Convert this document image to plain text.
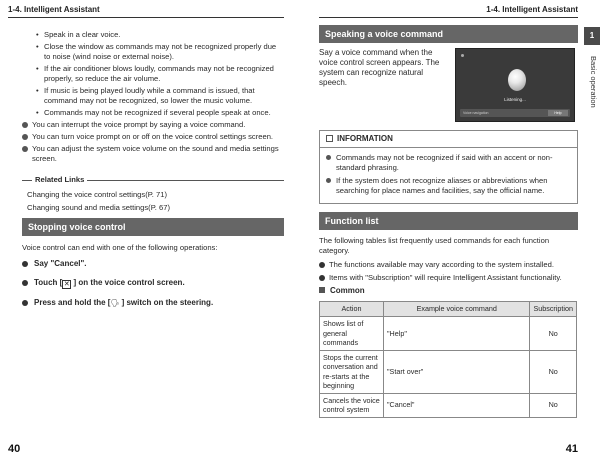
1-4. Intelligent Assistant	1-4. Intelligent Assistant
• Speak in a clear voice.
• Close the window as commands may not be recognized properly due to noise (wind noise or external noise).
• If the air conditioner blows loudly, commands may not be recognized properly, so reduce the air volume.
• If music is being played loudly while a command is issued, that command may not be recognized, so lower the music volume.
• Commands may not be recognized if several people speak at once.
You can interrupt the voice prompt by saying a voice command.
You can turn voice prompt on or off on the voice control settings screen.
You can adjust the system voice volume on the sound and media settings screen.
Related Links

Changing the voice control settings(P. 71)

Changing sound and media settings(P. 67)

Stopping voice control

Voice control can end with one of the following operations:

Say "Cancel".
Touch [ ✕ ] on the voice control screen.
Press and hold the [🗣 ] switch on the steering.
Speaking a voice command

Say a voice command when the voice control screen appears. The system can recognize natural speech.

Listening...
Voice navigation	Help
INFORMATION
Commands may not be recognized if said with an accent or non-standard phrasing.
If the system does not recognize aliases or abbreviations when searching for place names and facilities, say the official name.
Function list

The following tables list frequently used commands for each function category.

The functions available may vary according to the system installed.
Items with "Subscription" will require Intelligent Assistant functionality.
Common
Action	Example voice command	Subscription
Shows list of general commands	"Help"	No
Stops the current conversation and re-starts at the beginning	"Start over"	No
Cancels the voice control system	"Cancel"	No
1
Basic operation
40	41
